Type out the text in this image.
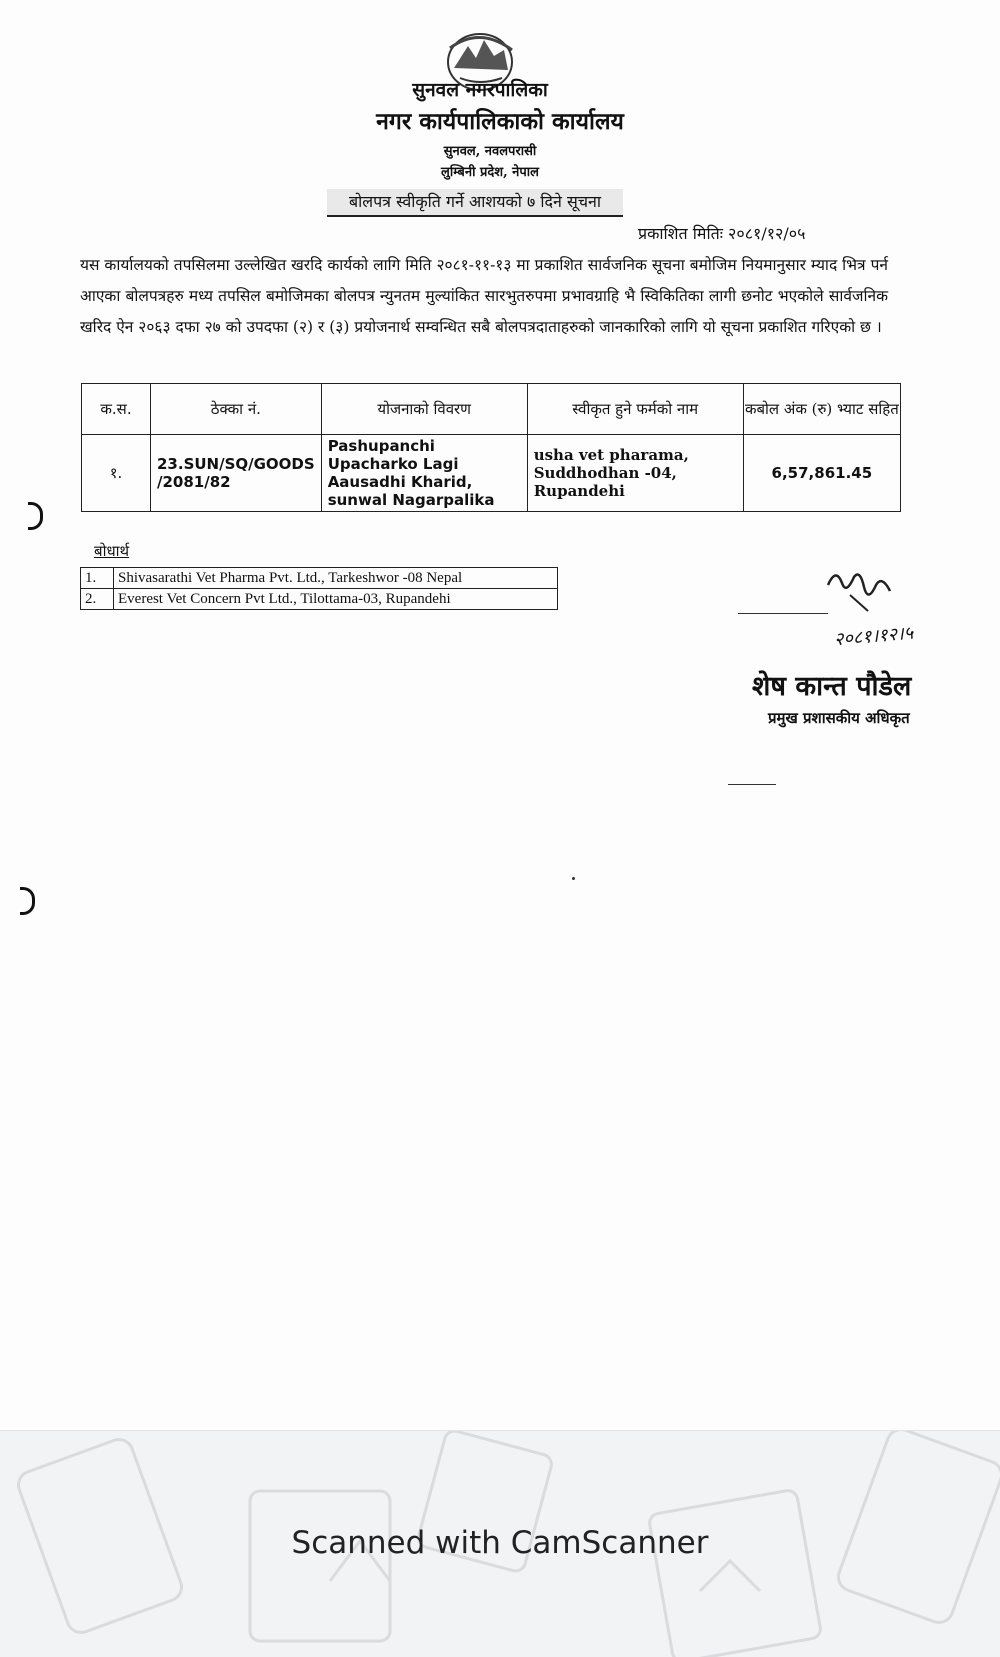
सुनवल नगरपालिका
नगर कार्यपालिकाको कार्यालय
सुनवल, नवलपरासी
लुम्बिनी प्रदेश, नेपाल
बोलपत्र स्वीकृति गर्ने आशयको ७ दिने सूचना
प्रकाशित मितिः २०८१/१२/०५
यस कार्यालयको तपसिलमा उल्लेखित खरदि कार्यको लागि मिति २०८१-११-१३ मा प्रकाशित सार्वजनिक सूचना बमोजिम नियमानुसार म्याद भित्र पर्न आएका बोलपत्रहरु मध्य तपसिल बमोजिमका बोलपत्र न्युनतम मुल्यांकित सारभुतरुपमा प्रभावग्राहि भै स्विकितिका लागी छनोट भएकोले सार्वजनिक खरिद ऐन २०६३ दफा २७ को उपदफा (२) र (३) प्रयोजनार्थ सम्वन्धित सबै बोलपत्रदाताहरुको जानकारिको लागि यो सूचना प्रकाशित गरिएको छ ।
क.स.	ठेक्का नं.	योजनाको विवरण	स्वीकृत हुने फर्मको नाम	कबोल अंक (रु) भ्याट सहित
१.	23.SUN/SQ/GOODS /2081/82	Pashupanchi Upacharko Lagi Aausadhi Kharid, sunwal Nagarpalika	usha vet pharama, Suddhodhan -04, Rupandehi	6,57,861.45
बोधार्थ
1.	Shivasarathi Vet Pharma Pvt. Ltd., Tarkeshwor -08 Nepal
2.	Everest Vet Concern Pvt Ltd., Tilottama-03, Rupandehi
२०८१।१२।५
शेष कान्त पौडेल
प्रमुख प्रशासकीय अधिकृत
Scanned with CamScanner
